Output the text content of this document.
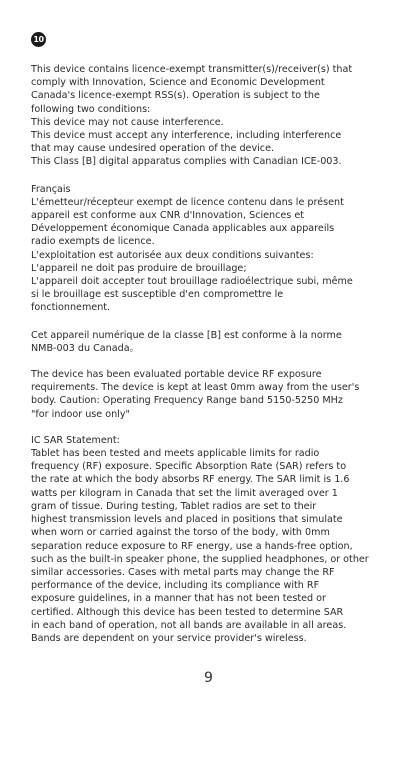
10

This device contains licence-exempt transmitter(s)/receiver(s) that

comply with Innovation, Science and Economic Development

Canada's licence-exempt RSS(s). Operation is subject to the

following two conditions:

This device may not cause interference.

This device must accept any interference, including interference

that may cause undesired operation of the device.

This Class [B] digital apparatus complies with Canadian ICE-003.

Français

L'émetteur/récepteur exempt de licence contenu dans le présent

appareil est conforme aux CNR d'Innovation, Sciences et

Développement économique Canada applicables aux appareils

radio exempts de licence.

L'exploitation est autorisée aux deux conditions suivantes:

L'appareil ne doit pas produire de brouillage;

L'appareil doit accepter tout brouillage radioélectrique subi, même

si le brouillage est susceptible d'en compromettre le

fonctionnement.

Cet appareil numérique de la classe [B] est conforme à la norme

NMB-003 du Canada。

The device has been evaluated portable device RF exposure

requirements. The device is kept at least 0mm away from the user's

body. Caution: Operating Frequency Range band 5150-5250 MHz

"for indoor use only"

IC SAR Statement:

Tablet has been tested and meets applicable limits for radio

frequency (RF) exposure. Specific Absorption Rate (SAR) refers to

the rate at which the body absorbs RF energy. The SAR limit is 1.6

watts per kilogram in Canada that set the limit averaged over 1

gram of tissue. During testing, Tablet radios are set to their

highest transmission levels and placed in positions that simulate

when worn or carried against the torso of the body, with 0mm

separation reduce exposure to RF energy, use a hands-free option,

such as the built-in speaker phone, the supplied headphones, or other

similar accessories. Cases with metal parts may change the RF

performance of the device, including its compliance with RF

exposure guidelines, in a manner that has not been tested or

certified. Although this device has been tested to determine SAR

in each band of operation, not all bands are available in all areas.

Bands are dependent on your service provider's wireless.

9
